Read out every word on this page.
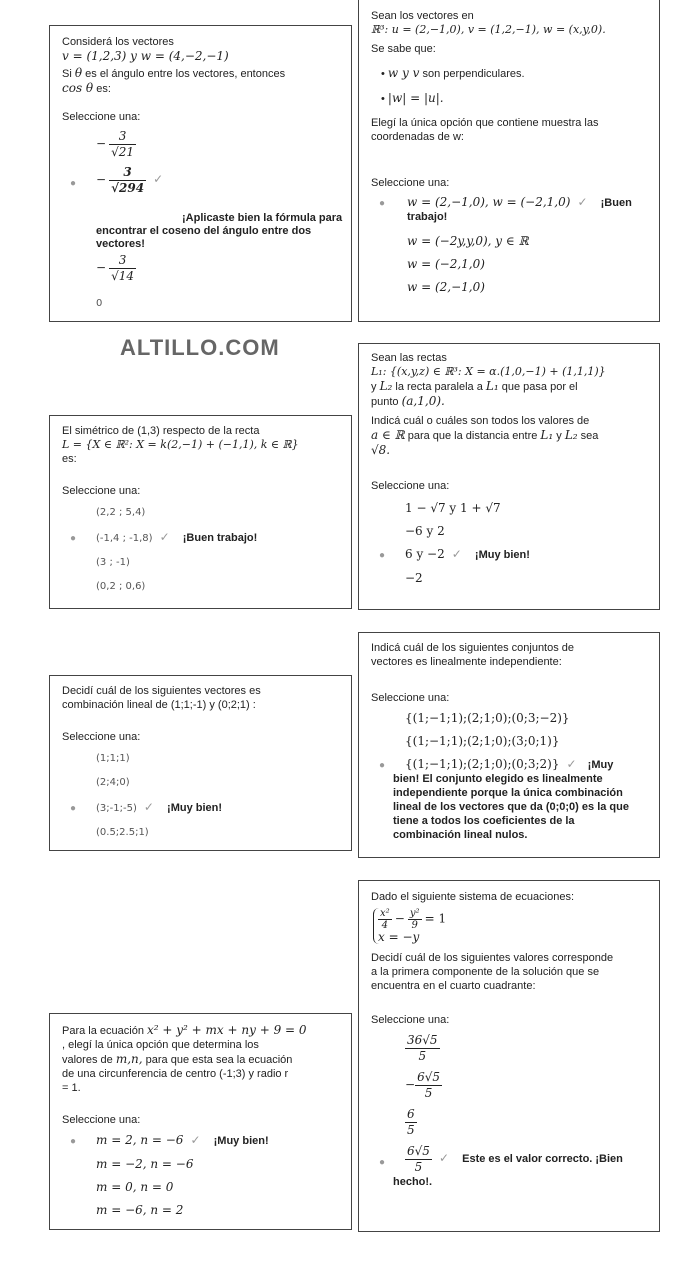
Considerá los vectores

v = (1,2,3) y w = (4,−2,−1)

Si θ es el ángulo entre los vectores, entonces

cos θ es:

Seleccione una:

− $\frac{3}{√21}$
● − $\frac{3}{√294}$ ✓

¡Aplicaste bien la fórmula para encontrar el coseno del ángulo entre dos vectores!
− $\frac{3}{√14}$
0

Sean los vectores en

ℝ³: u = (2,−1,0), v = (1,2,−1), w = (x,y,0).

Se sabe que:

• w y v son perpendiculares.

• |w| = |u|.

Elegí la única opción que contiene muestra las coordenadas de w:

Seleccione una:

● w = (2,−1,0), w = (−2,1,0) ✓ ¡Buen trabajo!
w = (−2y,y,0), y ∈ ℝ
w = (−2,1,0)
w = (2,−1,0)
ALTILLO.COM	Sean las rectas

L₁: {(x,y,z) ∈ ℝ³: X = α.(1,0,−1) + (1,1,1)}

y L₂ la recta paralela a L₁ que pasa por el

punto (a,1,0).

Indicá cuál o cuáles son todos los valores de

a ∈ ℝ para que la distancia entre L₁ y L₂ sea

√8.

Seleccione una:

1 − √7 y 1 + √7
−6 y 2
● 6 y −2 ✓ ¡Muy bien!
−2

El simétrico de (1,3) respecto de la recta

L = {X ∈ ℝ²: X = k(2,−1) + (−1,1), k ∈ ℝ}

es:

Seleccione una:

(2,2 ; 5,4)
● (-1,4 ; -1,8) ✓ ¡Buen trabajo!
(3 ; -1)
(0,2 ; 0,6)

Indicá cuál de los siguientes conjuntos de

vectores es linealmente independiente:

Seleccione una:

{(1;−1;1);(2;1;0);(0;3;−2)}
{(1;−1;1);(2;1;0);(3;0;1)}
● {(1;−1;1);(2;1;0);(0;3;2)} ✓ ¡Muy

bien! El conjunto elegido es linealmente independiente porque la única combinación lineal de los vectores que da (0;0;0) es la que tiene a todos los coeficientes de la combinación lineal nulos.

Decidí cuál de los siguientes vectores es

combinación lineal de (1;1;-1) y (0;2;1) :

Seleccione una:

(1;1;1)
(2;4;0)
● (3;-1;-5) ✓ ¡Muy bien!
(0.5;2.5;1)

Dado el siguiente sistema de ecuaciones:

$\frac{\text{x²}}{4} - \frac{\text{y²}}{9} = 1$
x = −y

Decidí cuál de los siguientes valores corresponde a la primera componente de la solución que se encuentra en el cuarto cuadrante:

Seleccione una:

$\frac{36√5}{5}$
− $\frac{6√5}{5}$
$\frac{6}{5}$
● $\frac{6√5}{5}$ ✓ Este es el valor correcto. ¡Bien

hecho!.

Para la ecuación x² + y² + mx + ny + 9 = 0

, elegí la única opción que determina los

valores de m,n, para que esta sea la ecuación

de una circunferencia de centro (-1;3) y radio r

= 1.

Seleccione una:

● m = 2, n = −6 ✓ ¡Muy bien!
m = −2, n = −6
m = 0, n = 0
m = −6, n = 2
